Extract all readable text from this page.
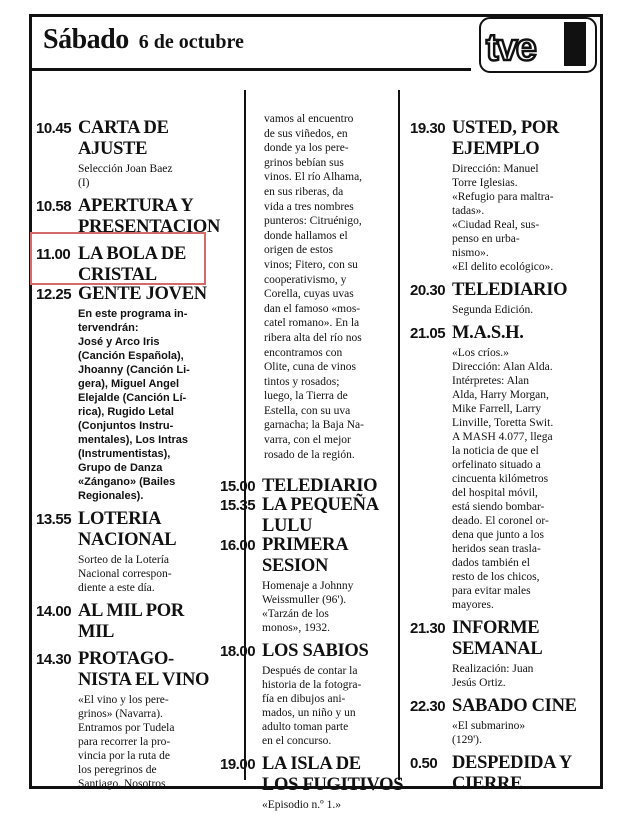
Sábado 6 de octubre	tve
10.45 CARTA DE
AJUSTE
Selección Joan Baez
(I)
10.58 APERTURA Y
PRESENTACION
11.00 LA BOLA DE
CRISTAL
12.25 GENTE JOVEN
En este programa in-
tervendrán:
José y Arco Iris
(Canción Española),
Jhoanny (Canción Li-
gera), Miguel Angel
Elejalde (Canción Lí-
rica), Rugido Letal
(Conjuntos Instru-
mentales), Los Intras
(Instrumentistas),
Grupo de Danza
«Zángano» (Bailes
Regionales).
13.55 LOTERIA
NACIONAL
Sorteo de la Lotería
Nacional correspon-
diente a este día.
14.00 AL MIL POR
MIL
14.30 PROTAGO-
NISTA EL VINO
«El vino y los pere-
grinos» (Navarra).
Entramos por Tudela
para recorrer la pro-
vincia por la ruta de
los peregrinos de
Santiago. Nosotros
vamos al encuentro
de sus viñedos, en
donde ya los pere-
grinos bebían sus
vinos. El río Alhama,
en sus riberas, da
vida a tres nombres
punteros: Citruénigo,
donde hallamos el
origen de estos
vinos; Fitero, con su
cooperativismo, y
Corella, cuyas uvas
dan el famoso «mos-
catel romano». En la
ribera alta del río nos
encontramos con
Olite, cuna de vinos
tintos y rosados;
luego, la Tierra de
Estella, con su uva
garnacha; la Baja Na-
varra, con el mejor
rosado de la región.
15.00 TELEDIARIO
15.35 LA PEQUEÑA
LULU
16.00 PRIMERA
SESION
Homenaje a Johnny
Weissmuller (96').
«Tarzán de los
monos», 1932.
18.00 LOS SABIOS
Después de contar la
historia de la fotogra-
fía en dibujos ani-
mados, un niño y un
adulto toman parte
en el concurso.
19.00 LA ISLA DE
LOS FUGITIVOS
«Episodio n.º 1.»
19.30 USTED, POR
EJEMPLO
Dirección: Manuel
Torre Iglesias.
«Refugio para maltra-
tadas».
«Ciudad Real, sus-
penso en urba-
nismo».
«El delito ecológico».
20.30 TELEDIARIO
Segunda Edición.
21.05 M.A.S.H.
«Los críos.»
Dirección: Alan Alda.
Intérpretes: Alan
Alda, Harry Morgan,
Mike Farrell, Larry
Linville, Toretta Swit.
A MASH 4.077, llega
la noticia de que el
orfelinato situado a
cincuenta kilómetros
del hospital móvil,
está siendo bombar-
deado. El coronel or-
dena que junto a los
heridos sean trasla-
dados también el
resto de los chicos,
para evitar males
mayores.
21.30 INFORME
SEMANAL
Realización: Juan
Jesús Ortiz.
22.30 SABADO CINE
«El submarino»
(129').
0.50 DESPEDIDA Y
CIERRE
